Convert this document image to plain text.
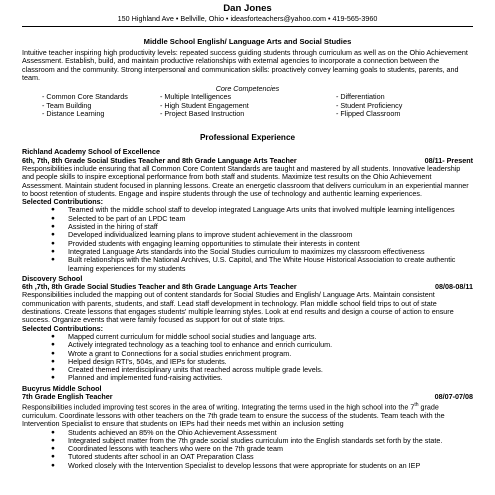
Dan Jones
150 Highland Ave • Bellville, Ohio • ideasforteachers@yahoo.com • 419-565-3960
Middle School English/ Language Arts and Social Studies

Intuitive teacher inspiring high productivity levels: repeated success guiding students through curriculum as well as on the Ohio Achievement Assessment. Establish, build, and maintain productive relationships with external agencies to incorporate a connection between the classroom and the community. Strong interpersonal and communication skills: proactively convey learning goals to students, parents, and team.

Core Competencies
- Common Core Standards	- Multiple Intelligences	- Differentiation
- Team Building	- High Student Engagement	- Student Proficiency
- Distance Learning	- Project Based Instruction	- Flipped Classroom
Professional Experience
Richland Academy School of Excellence
6th, 7th, 8th Grade Social Studies Teacher and 8th Grade Language Arts Teacher	08/11- Present
Responsibilities include ensuring that all Common Core Content Standards are taught and mastered by all students. Innovative leadership and people skills to inspire exceptional performance from both staff and students. Maximize test results on the Ohio Achievement Assessment. Maintain student focused in planning lessons. Create an energetic classroom that delivers curriculum in an experiential manner to boost retention of students. Engage and inspire students through the use of technology and authentic learning experiences.
Selected Contributions:
● Teamed with the middle school staff to develop integrated Language Arts units that involved multiple learning intelligences
● Selected to be part of an LPDC team
● Assisted in the hiring of staff
● Developed individualized learning plans to improve student achievement in the classroom
● Provided students with engaging learning opportunities to stimulate their interests in content
● Integrated Language Arts standards into the Social Studies curriculum to maximizes my classroom effectiveness
● Built relationships with the National Archives, U.S. Capitol, and The White House Historical Association to create authentic learning experiences for my students
Discovery School
6th ,7th, 8th Grade Social Studies Teacher and 8th Grade Language Arts Teacher	08/08-08/11
Responsibilities included the mapping out of content standards for Social Studies and English/ Language Arts. Maintain consistent communication with parents, students, and staff. Lead staff development in technology. Plan middle school field trips to out of state destinations. Create lessons that engages students' multiple learning styles. Look at end results and design a course of action to ensure success. Organize events that were family focused as support for out of state trips.
Selected Contributions:
● Mapped current curriculum for middle school social studies and language arts.
● Actively integrated technology as a teaching tool to enhance and enrich curriculum.
● Wrote a grant to Connections for a social studies enrichment program.
● Helped design RTI's, 504s, and IEPs for students.
● Created themed interdisciplinary units that reached across multiple grade levels.
● Planned and implemented fund-raising activities.
Bucyrus Middle School
7th Grade English Teacher	08/07-07/08
Responsibilities included improving test scores in the area of writing. Integrating the terms used in the high school into the 7th grade curriculum. Coordinate lessons with other teachers on the 7th grade team to ensure the success of the students. Team teach with the Intervention Specialist to ensure that students on IEPs had their needs met within an inclusion setting
● Students achieved an 85% on the Ohio Achievement Assessment
● Integrated subject matter from the 7th grade social studies curriculum into the English standards set forth by the state.
● Coordinated lessons with teachers who were on the 7th grade team
● Tutored students after school in an OAT Preparation Class
● Worked closely with the Intervention Specialist to develop lessons that were appropriate for students on an IEP
